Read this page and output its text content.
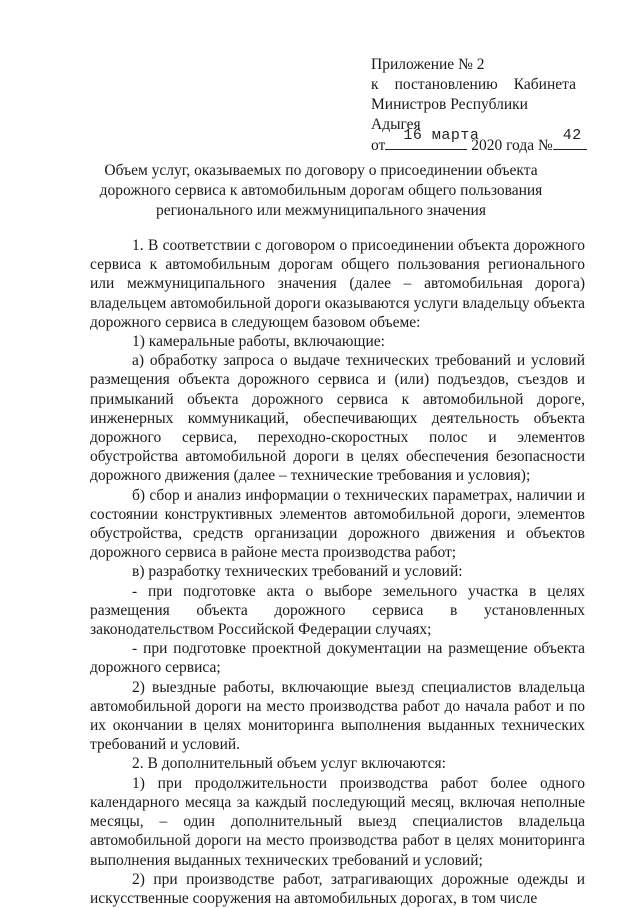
Приложение № 2
к постановлению Кабинета
Министров Республики Адыгея
от
16 марта
2020 года №
42
Объем услуг, оказываемых по договору о присоединении объекта дорожного сервиса к автомобильным дорогам общего пользования регионального или межмуниципального значения

1. В соответствии с договором о присоединении объекта дорожного сервиса к автомобильным дорогам общего пользования регионального или межмуниципального значения (далее – автомобильная дорога) владельцем автомобильной дороги оказываются услуги владельцу объекта дорожного сервиса в следующем базовом объеме:

1) камеральные работы, включающие:

а) обработку запроса о выдаче технических требований и условий размещения объекта дорожного сервиса и (или) подъездов, съездов и примыканий объекта дорожного сервиса к автомобильной дороге, инженерных коммуникаций, обеспечивающих деятельность объекта дорожного сервиса, переходно-скоростных полос и элементов обустройства автомобильной дороги в целях обеспечения безопасности дорожного движения (далее – технические требования и условия);

б) сбор и анализ информации о технических параметрах, наличии и состоянии конструктивных элементов автомобильной дороги, элементов обустройства, средств организации дорожного движения и объектов дорожного сервиса в районе места производства работ;

в) разработку технических требований и условий:

- при подготовке акта о выборе земельного участка в целях размещения объекта дорожного сервиса в установленных законодательством Российской Федерации случаях;

- при подготовке проектной документации на размещение объекта дорожного сервиса;

2) выездные работы, включающие выезд специалистов владельца автомобильной дороги на место производства работ до начала работ и по их окончании в целях мониторинга выполнения выданных технических требований и условий.

2. В дополнительный объем услуг включаются:

1) при продолжительности производства работ более одного календарного месяца за каждый последующий месяц, включая неполные месяцы, – один дополнительный выезд специалистов владельца автомобильной дороги на место производства работ в целях мониторинга выполнения выданных технических требований и условий;

2) при производстве работ, затрагивающих дорожные одежды и искусственные сооружения на автомобильных дорогах, в том числе
